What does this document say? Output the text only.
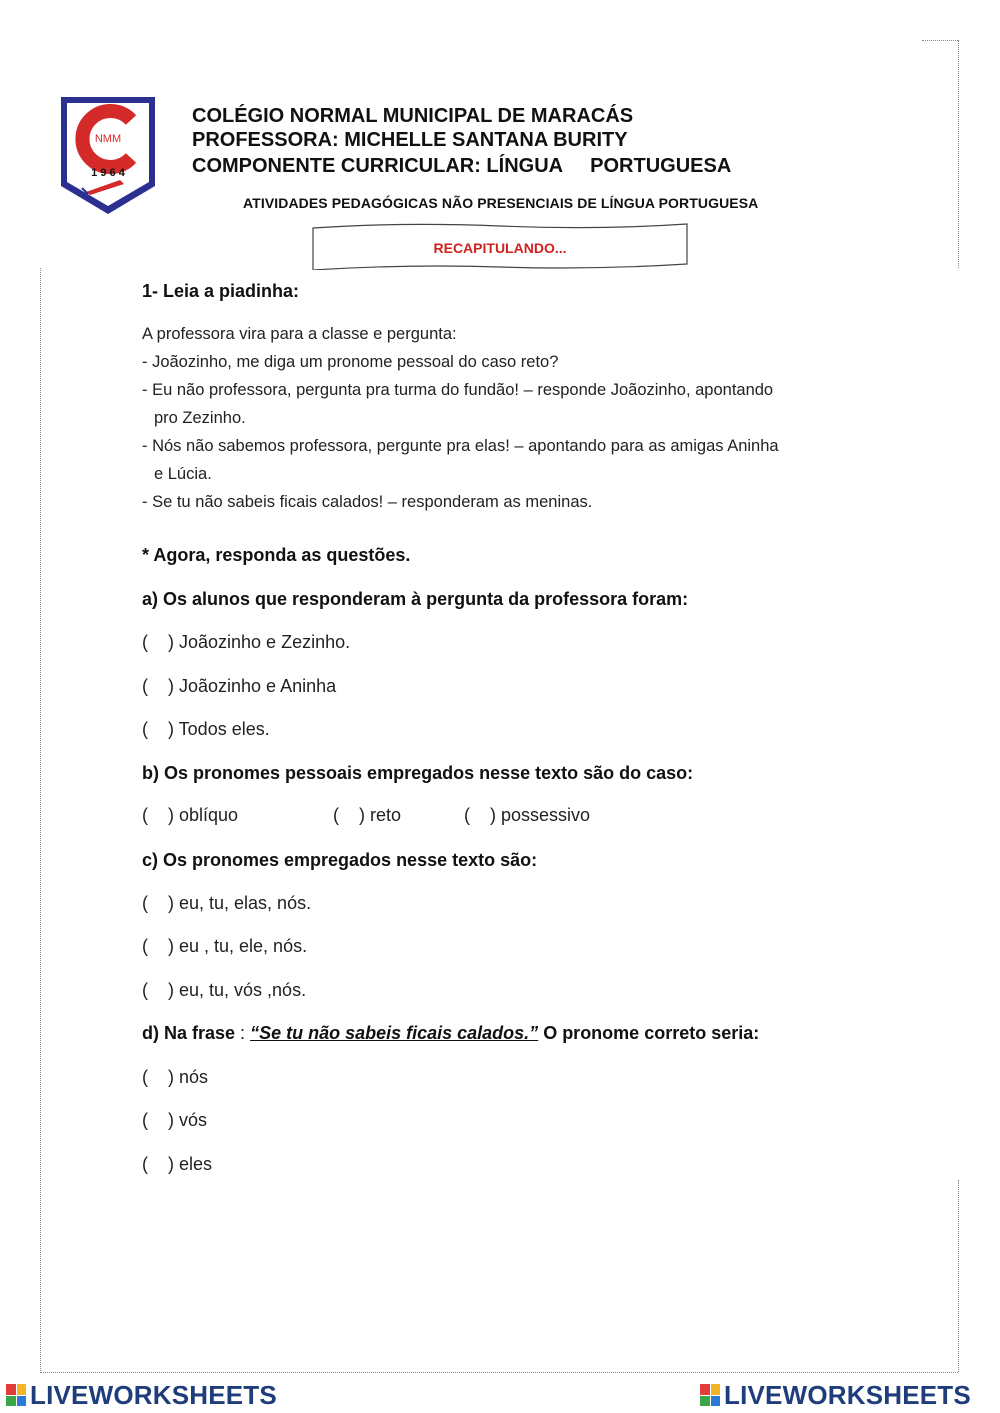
NMM
1 9 6 4
COLÉGIO NORMAL MUNICIPAL DE MARACÁS
PROFESSORA: MICHELLE SANTANA BURITY
COMPONENTE CURRICULAR: LÍNGUA     PORTUGUESA
ATIVIDADES PEDAGÓGICAS NÃO PRESENCIAIS DE LÍNGUA PORTUGUESA
RECAPITULANDO...
1- Leia a piadinha:
A professora vira para a classe e pergunta:
- Joãozinho, me diga um pronome pessoal do caso reto?
- Eu não professora, pergunta pra turma do fundão! – responde Joãozinho, apontando
pro Zezinho.
- Nós não sabemos professora, pergunte pra elas! – apontando para as amigas Aninha
e Lúcia.
- Se tu não sabeis ficais calados! – responderam as meninas.
* Agora, responda as questões.
a) Os alunos que responderam à pergunta da professora foram:
(    ) Joãozinho e Zezinho.
(    ) Joãozinho e Aninha
(    ) Todos eles.
b) Os pronomes pessoais empregados nesse texto são do caso:
(    ) oblíquo	(    ) reto	(    ) possessivo
c) Os pronomes empregados nesse texto são:
(    ) eu, tu, elas, nós.
(    ) eu , tu, ele, nós.
(    ) eu, tu, vós ,nós.
d) Na frase : “Se tu não sabeis ficais calados.” O pronome correto seria:
(    ) nós
(    ) vós
(    ) eles
LIVEWORKSHEETS	LIVEWORKSHEETS
